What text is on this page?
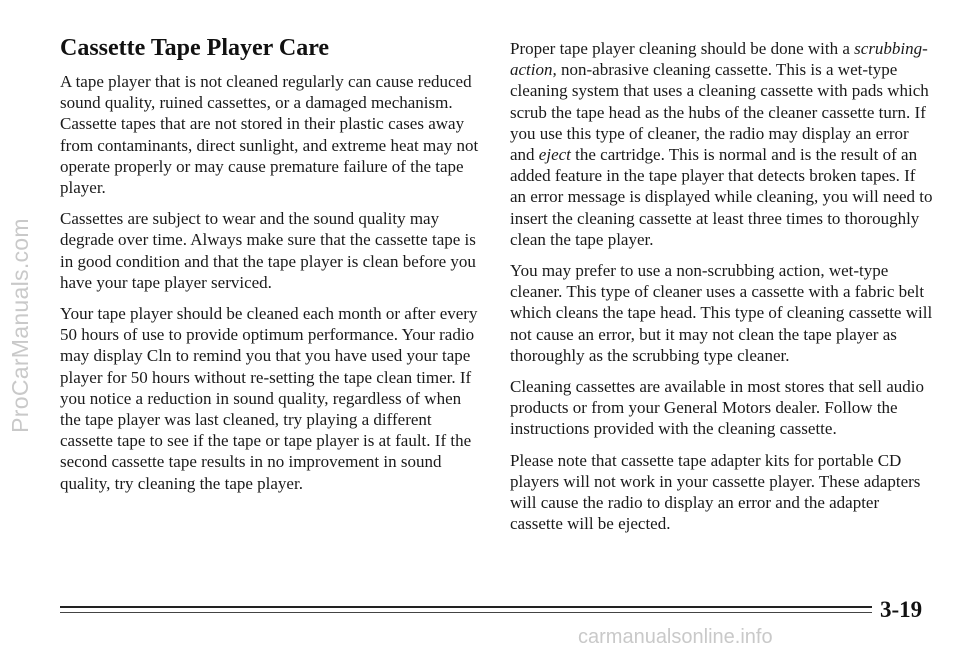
ProCarManuals.com
Cassette Tape Player Care

A tape player that is not cleaned regularly can cause reduced sound quality, ruined cassettes, or a damaged mechanism. Cassette tapes that are not stored in their plastic cases away from contaminants, direct sunlight, and extreme heat may not operate properly or may cause premature failure of the tape player.

Cassettes are subject to wear and the sound quality may degrade over time. Always make sure that the cassette tape is in good condition and that the tape player is clean before you have your tape player serviced.

Your tape player should be cleaned each month or after every 50 hours of use to provide optimum performance. Your radio may display Cln to remind you that you have used your tape player for 50 hours without re-setting the tape clean timer. If you notice a reduction in sound quality, regardless of when the tape player was last cleaned, try playing a different cassette tape to see if the tape or tape player is at fault. If the second cassette tape results in no improvement in sound quality, try cleaning the tape player.

Proper tape player cleaning should be done with a scrubbing-action, non-abrasive cleaning cassette. This is a wet-type cleaning system that uses a cleaning cassette with pads which scrub the tape head as the hubs of the cleaner cassette turn. If you use this type of cleaner, the radio may display an error and eject the cartridge. This is normal and is the result of an added feature in the tape player that detects broken tapes. If an error message is displayed while cleaning, you will need to insert the cleaning cassette at least three times to thoroughly clean the tape player.

You may prefer to use a non-scrubbing action, wet-type cleaner. This type of cleaner uses a cassette with a fabric belt which cleans the tape head. This type of cleaning cassette will not cause an error, but it may not clean the tape player as thoroughly as the scrubbing type cleaner.

Cleaning cassettes are available in most stores that sell audio products or from your General Motors dealer. Follow the instructions provided with the cleaning cassette.

Please note that cassette tape adapter kits for portable CD players will not work in your cassette player. These adapters will cause the radio to display an error and the adapter cassette will be ejected.

3-19
carmanualsonline.info
